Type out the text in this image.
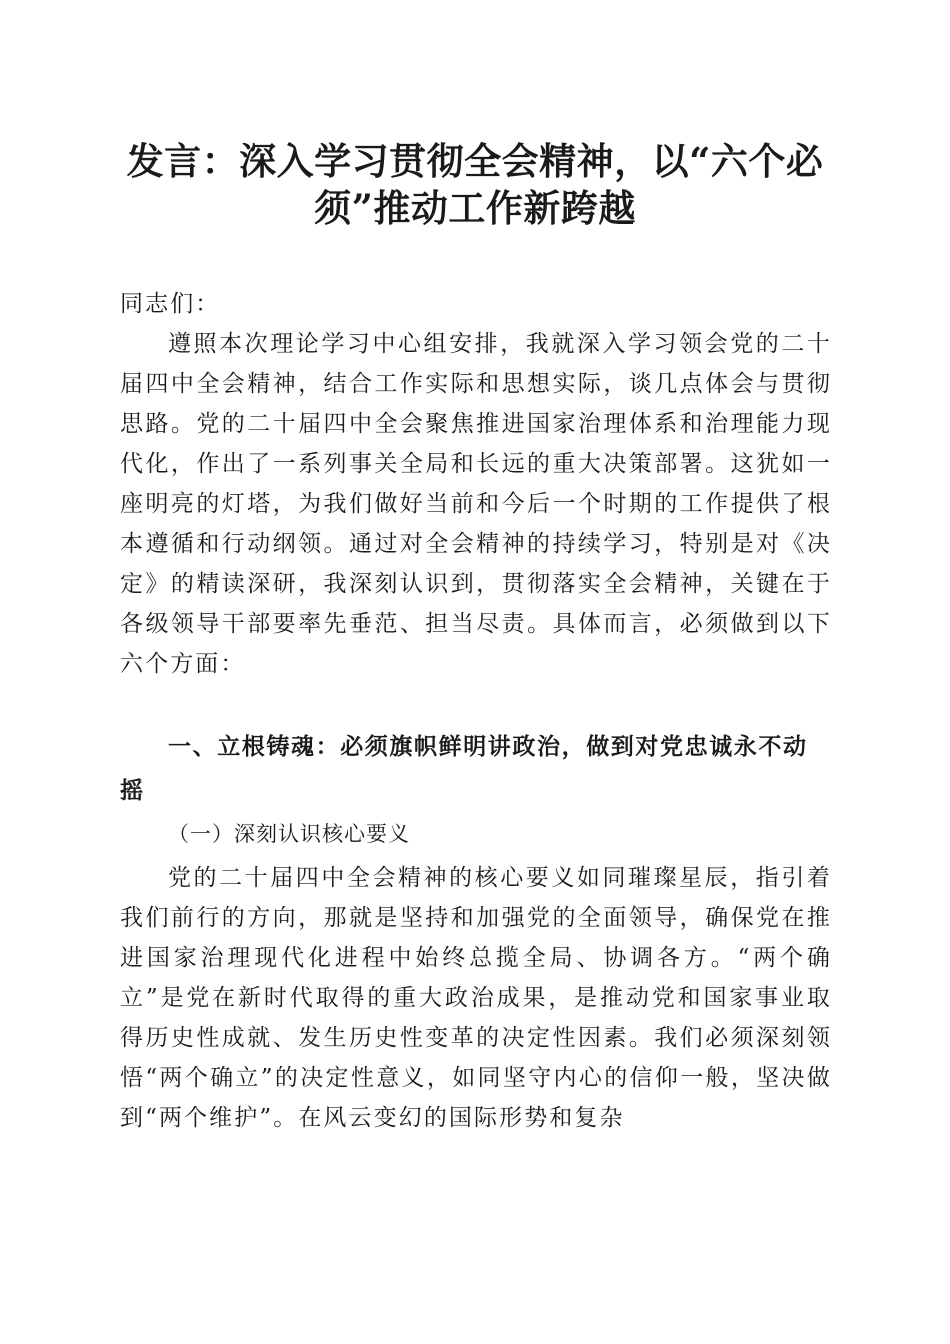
发言：深入学习贯彻全会精神，以“六个必
须”推动工作新跨越
同志们：
遵照本次理论学习中心组安排，我就深入学习领会党的二十届四中全会精神，结合工作实际和思想实际，谈几点体会与贯彻思路。党的二十届四中全会聚焦推进国家治理体系和治理能力现代化，作出了一系列事关全局和长远的重大决策部署。这犹如一座明亮的灯塔，为我们做好当前和今后一个时期的工作提供了根本遵循和行动纲领。通过对全会精神的持续学习，特别是对《决定》的精读深研，我深刻认识到，贯彻落实全会精神，关键在于各级领导干部要率先垂范、担当尽责。具体而言，必须做到以下六个方面：
一、立根铸魂：必须旗帜鲜明讲政治，做到对党忠诚永不动摇
（一）深刻认识核心要义
党的二十届四中全会精神的核心要义如同璀璨星辰，指引着我们前行的方向，那就是坚持和加强党的全面领导，确保党在推进国家治理现代化进程中始终总揽全局、协调各方。“两个确立”是党在新时代取得的重大政治成果，是推动党和国家事业取得历史性成就、发生历史性变革的决定性因素。我们必须深刻领悟“两个确立”的决定性意义，如同坚守内心的信仰一般，坚决做到“两个维护”。在风云变幻的国际形势和复杂
